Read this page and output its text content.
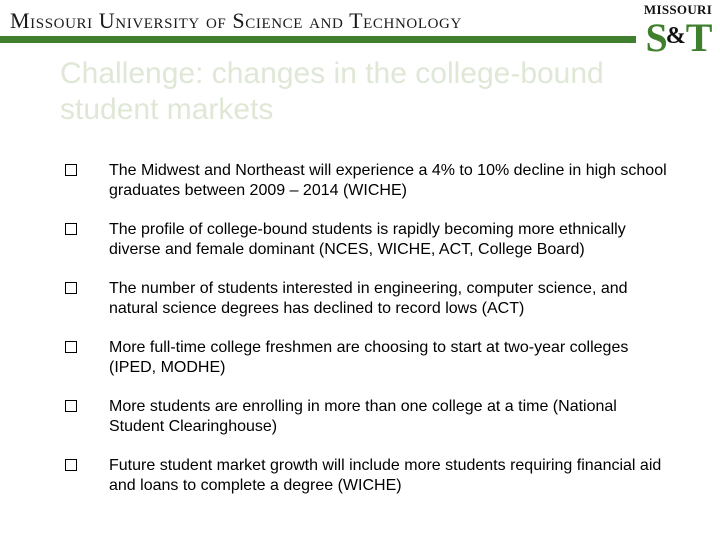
Missouri University of Science and Technology	MISSOURI
S&T
Challenge: changes in the college-bound student markets
The Midwest and Northeast will experience a 4% to 10% decline in high school graduates between 2009 – 2014 (WICHE)
The profile of college-bound students is rapidly becoming more ethnically diverse and female dominant (NCES, WICHE, ACT, College Board)
The number of students interested in engineering, computer science, and natural science degrees has declined to record lows (ACT)
More full-time college freshmen are choosing to start at two-year colleges (IPED, MODHE)
More students are enrolling in more than one college at a time (National Student Clearinghouse)
Future student market growth will include more students requiring financial aid and loans to complete a degree (WICHE)
